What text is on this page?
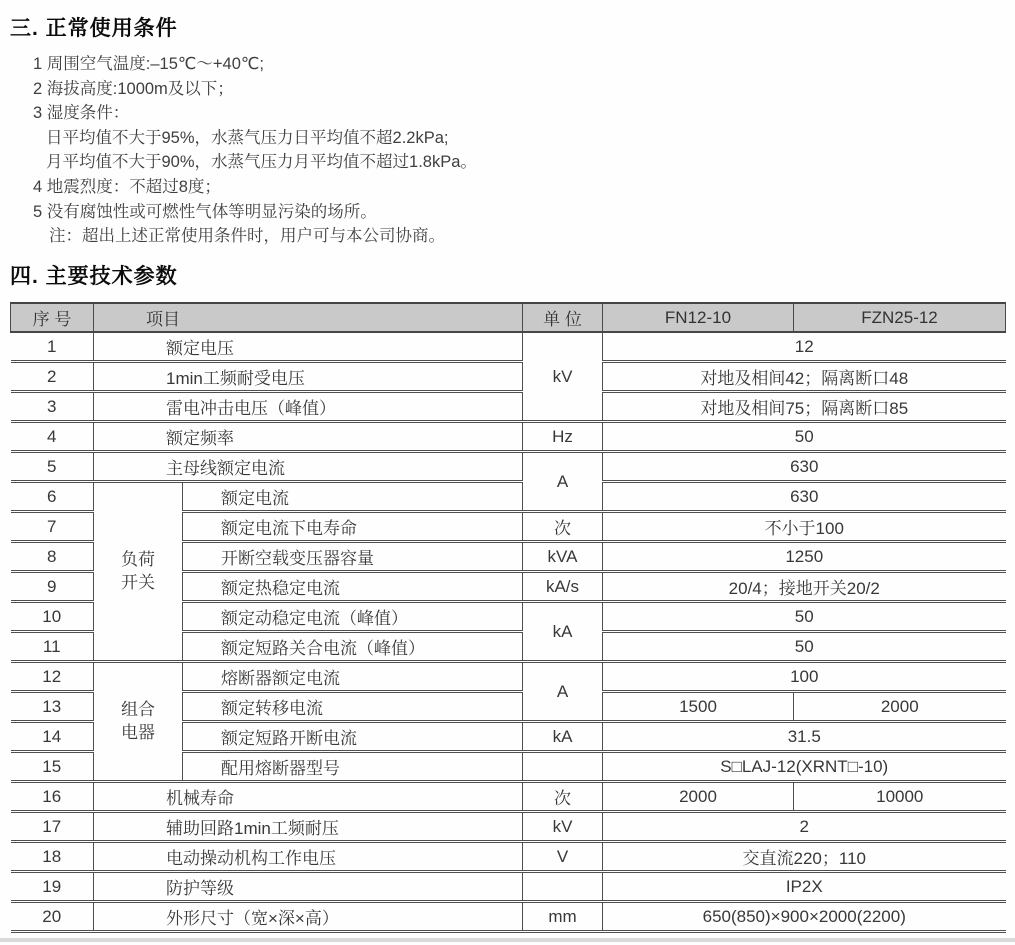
三. 正常使用条件
1 周围空气温度:–15℃～+40℃;
2 海拔高度:1000m及以下；
3 湿度条件：
日平均值不大于95%，水蒸气压力日平均值不超2.2kPa;
月平均值不大于90%，水蒸气压力月平均值不超过1.8kPa。
4 地震烈度：不超过8度；
5 没有腐蚀性或可燃性气体等明显污染的场所。
注：超出上述正常使用条件时，用户可与本公司协商。
四. 主要技术参数
序 号	项目		单 位	FN12-10	FZN25-12
1	额定电压		kV	12	
2	1min工频耐受电压			对地及相间42；隔离断口48	
3	雷电冲击电压（峰值）			对地及相间75；隔离断口85	
4	额定频率		Hz	50	
5	主母线额定电流		A	630	
6	负荷开关	额定电流		630	
7		额定电流下电寿命	次	不小于100	
8		开断空载变压器容量	kVA	1250	
9		额定热稳定电流	kA/s	20/4；接地开关20/2	
10		额定动稳定电流（峰值）	kA	50	
11		额定短路关合电流（峰值）		50	
12	组合电器	熔断器额定电流	A	100	
13		额定转移电流		1500	2000
14		额定短路开断电流	kA	31.5	
15		配用熔断器型号		S□LAJ-12(XRNT□-10)	
16	机械寿命		次	2000	10000
17	辅助回路1min工频耐压		kV	2	
18	电动操动机构工作电压		V	交直流220；110	
19	防护等级			IP2X	
20	外形尺寸（宽×深×高）		mm	650(850)×900×2000(2200)	
